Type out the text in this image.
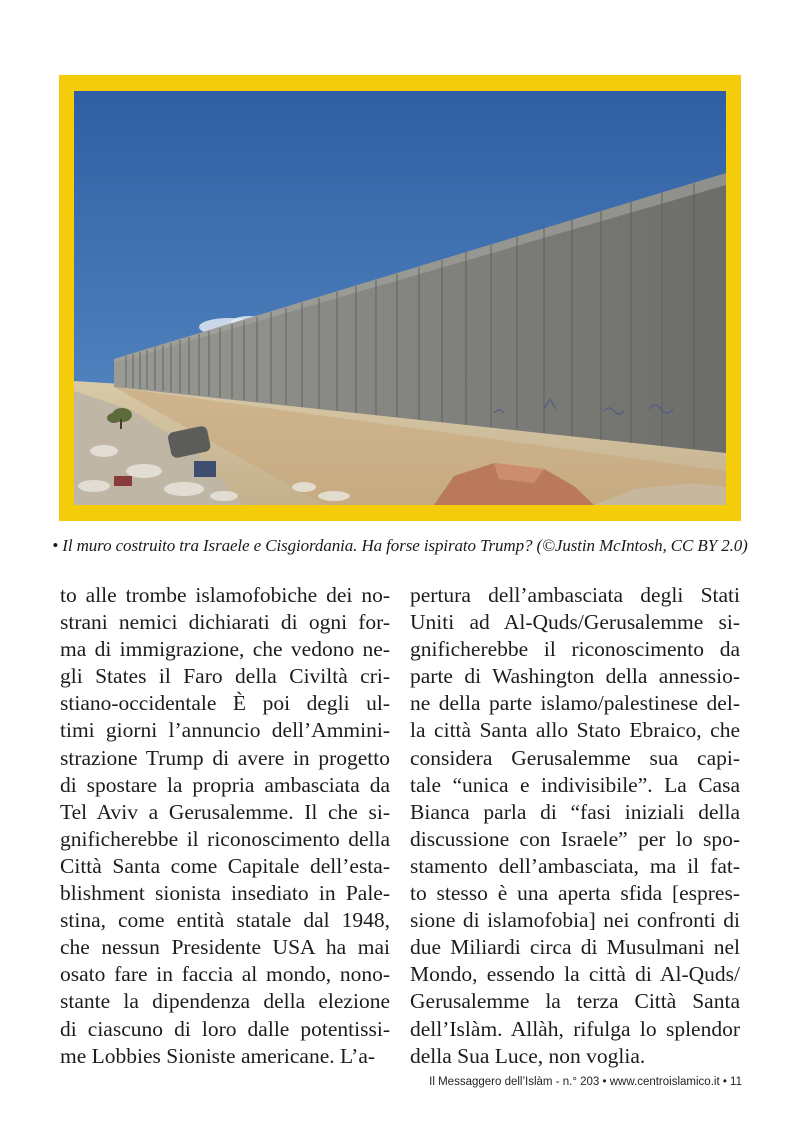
• Il muro costruito tra Israele e Cisgiordania. Ha forse ispirato Trump? (©Justin McIntosh, CC BY 2.0)
to alle trombe islamofobiche dei no-
strani nemici dichiarati di ogni for-
ma di immigrazione, che vedono ne-
gli States il Faro della Civiltà cri-
stiano-occidentale È poi degli ul-
timi giorni l’annuncio dell’Ammini-
strazione Trump di avere in progetto
di spostare la propria ambasciata da
Tel Aviv a Gerusalemme. Il che si-
gnificherebbe il riconoscimento della
Città Santa come Capitale dell’esta-
blishment sionista insediato in Pale-
stina, come entità statale dal 1948,
che nessun Presidente USA ha mai
osato fare in faccia al mondo, nono-
stante la dipendenza della elezione
di ciascuno di loro dalle potentissi-
me Lobbies Sioniste americane. L’a-
pertura dell’ambasciata degli Stati
Uniti ad Al-Quds/Gerusalemme si-
gnificherebbe il riconoscimento da
parte di Washington della annessio-
ne della parte islamo/palestinese del-
la città Santa allo Stato Ebraico, che
considera Gerusalemme sua capi-
tale “unica e indivisibile”. La Casa
Bianca parla di “fasi iniziali della
discussione con Israele” per lo spo-
stamento dell’ambasciata, ma il fat-
to stesso è una aperta sfida [espres-
sione di islamofobia] nei confronti di
due Miliardi circa di Musulmani nel
Mondo, essendo la città di Al-Quds/
Gerusalemme la terza Città Santa
dell’Islàm. Allàh, rifulga lo splendor
della Sua Luce, non voglia.
Il Messaggero dell’Islàm - n.° 203 • www.centroislamico.it • 11
